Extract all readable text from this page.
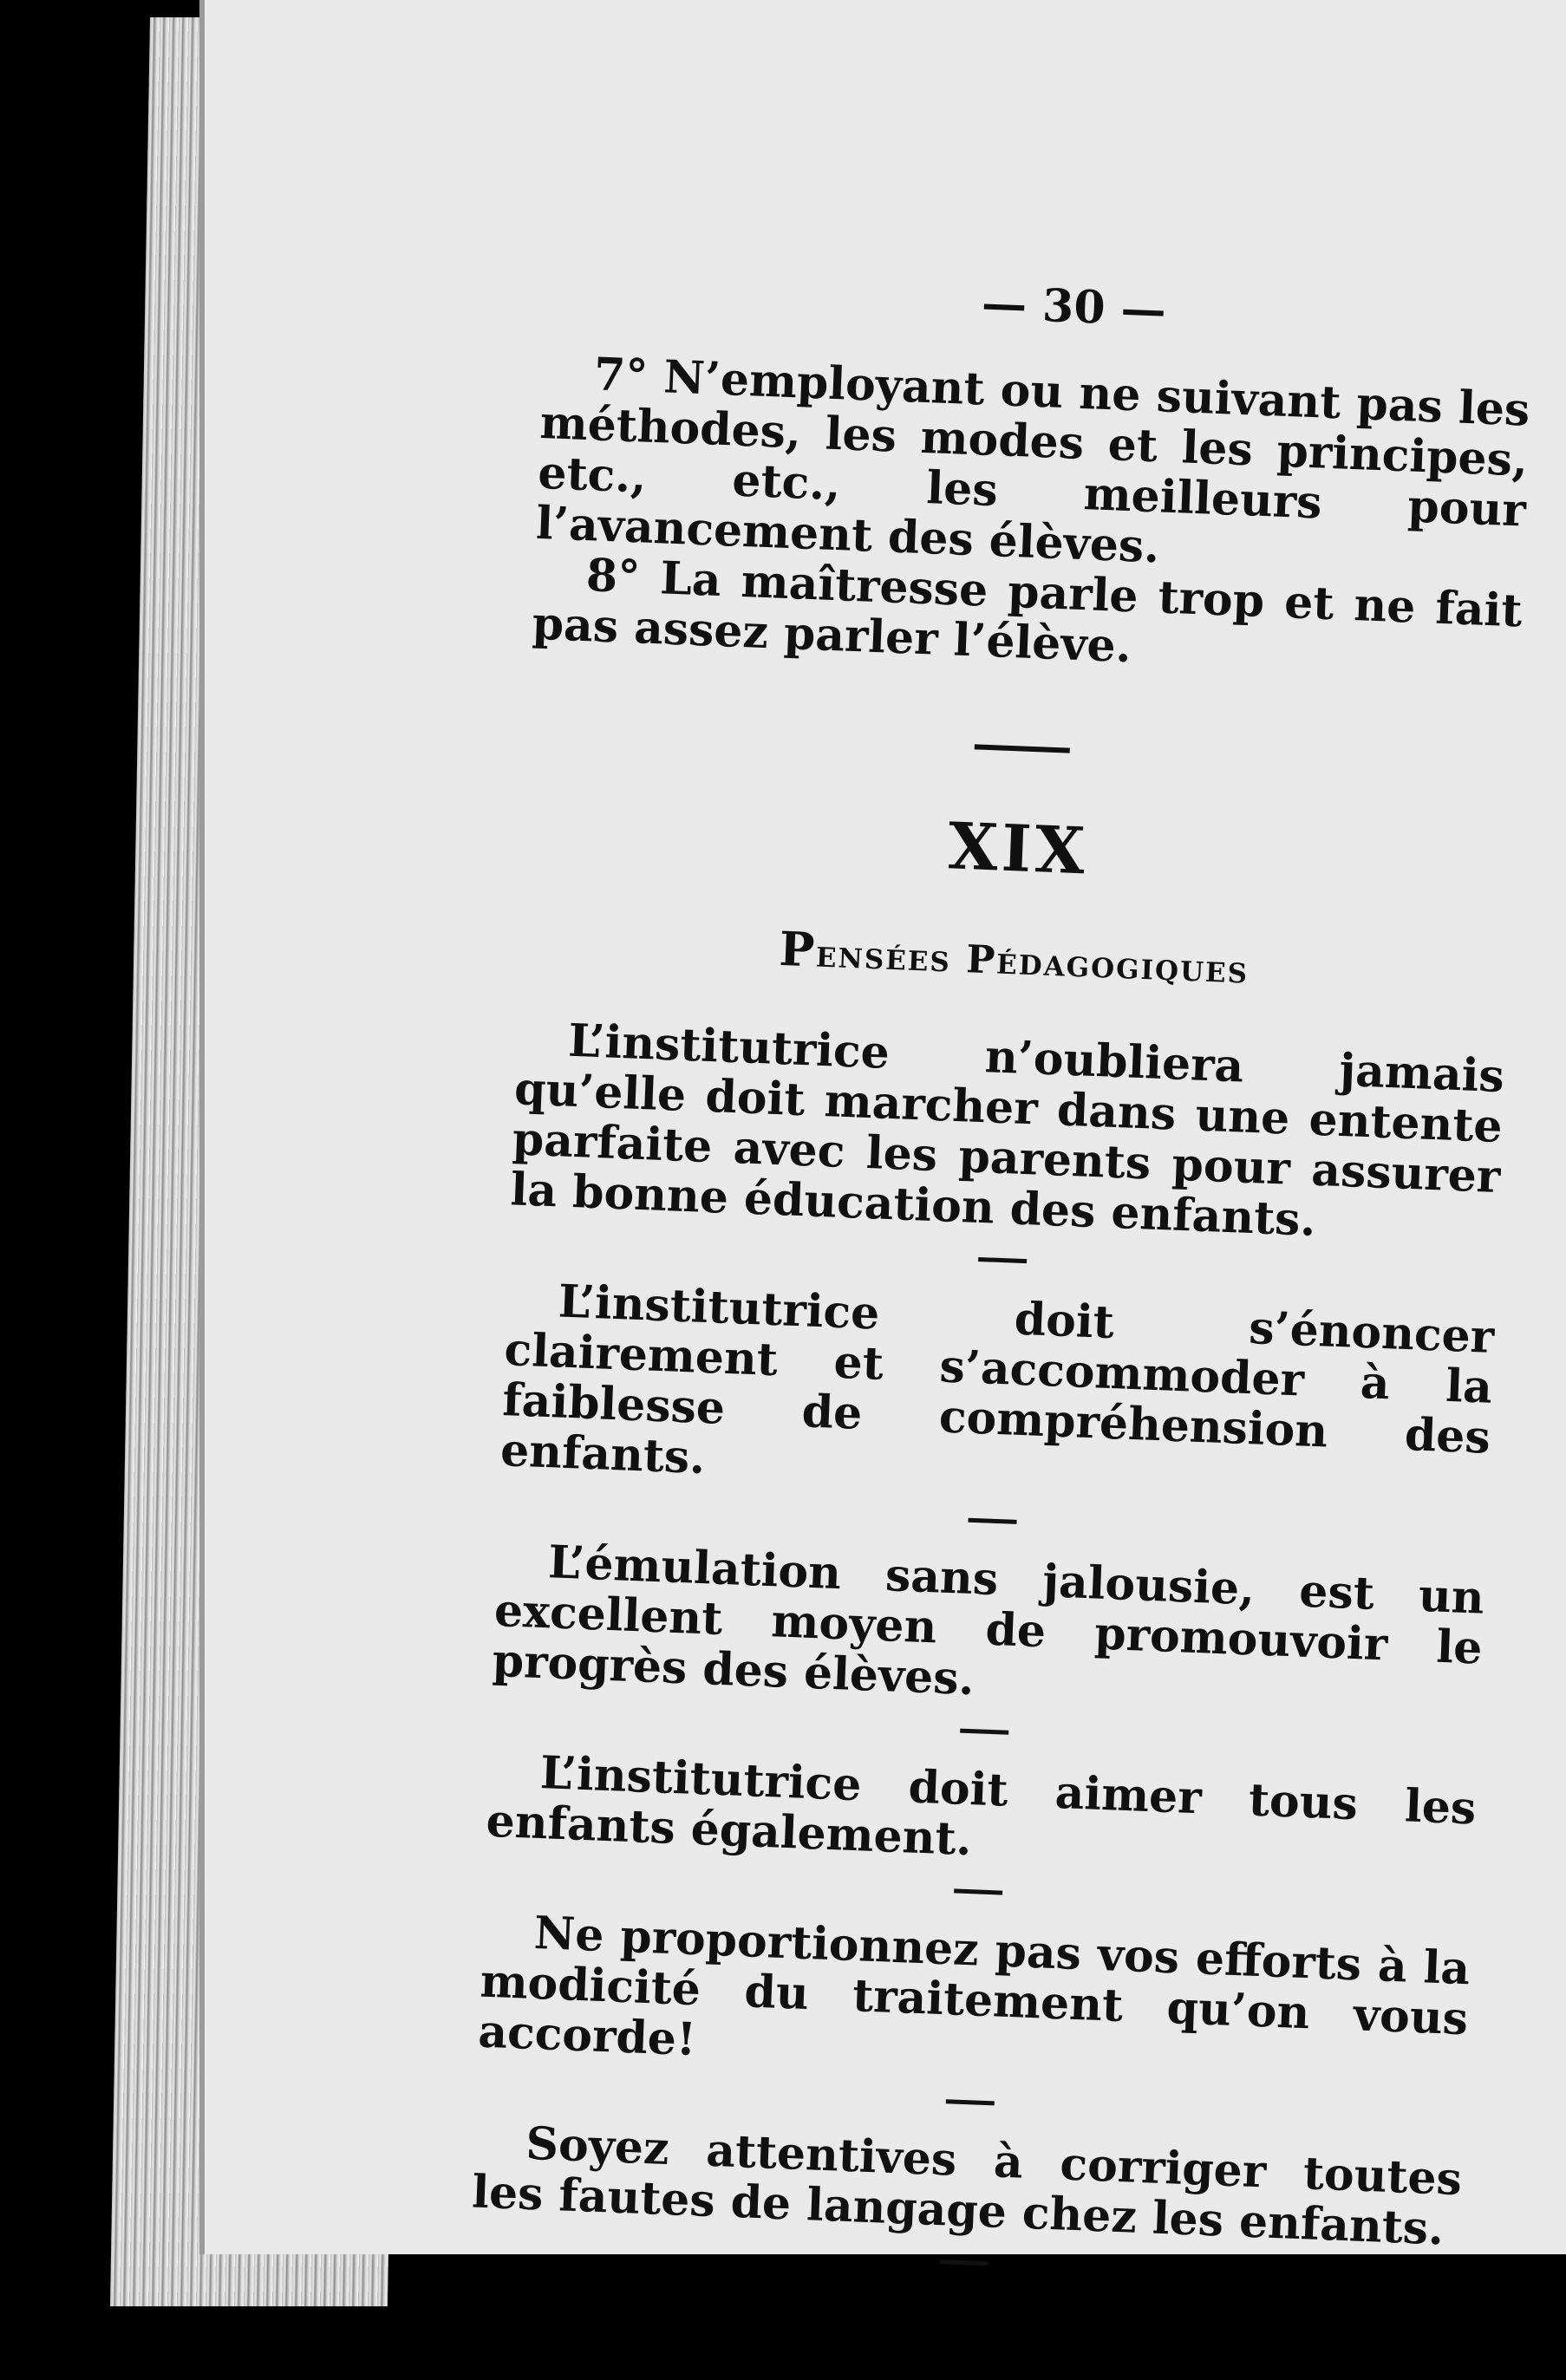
— 30 —

7° N’employant ou ne suivant pas les méthodes, les modes et les principes, etc., etc., les meilleurs pour l’avancement des élèves.

8° La maîtresse parle trop et ne fait pas assez parler l’élève.

XIX
Pensées Pédagogiques

L’institutrice n’oubliera jamais qu’elle doit marcher dans une entente parfaite avec les parents pour assurer la bonne éducation des enfants.

L’institutrice doit s’énoncer clairement et s’accommoder à la faiblesse de compréhension des enfants.

L’émulation sans jalousie, est un excellent moyen de promouvoir le progrès des élèves.

L’institutrice doit aimer tous les enfants également.

Ne proportionnez pas vos efforts à la modicité du traitement qu’on vous accorde!

Soyez attentives à corriger toutes les fautes de langage chez les enfants.
